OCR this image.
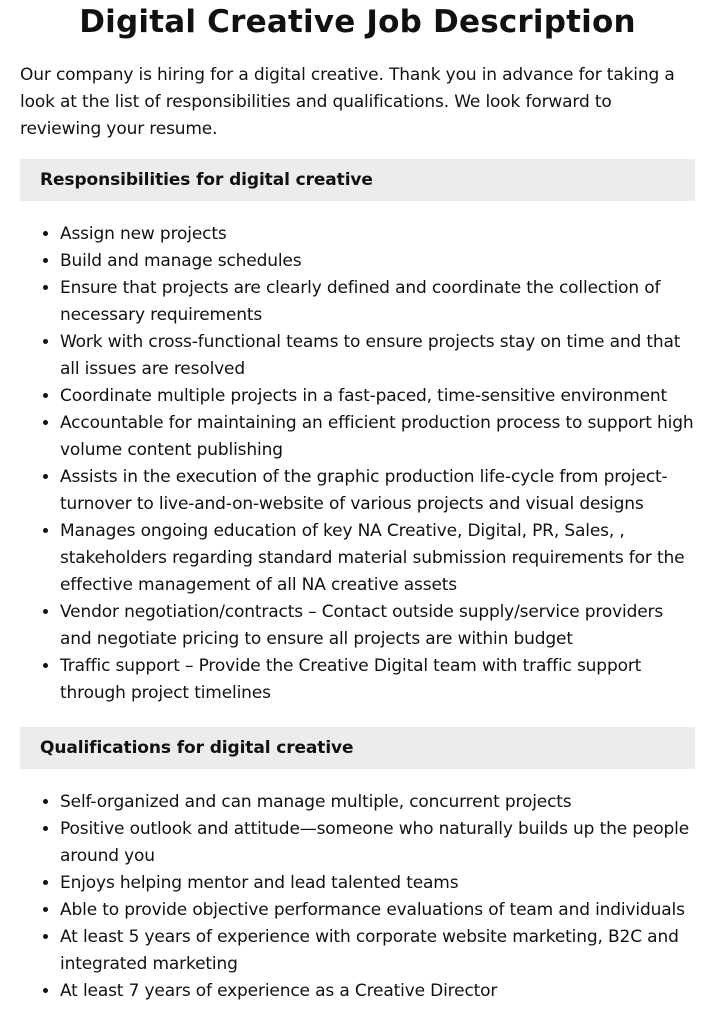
Digital Creative Job Description

Our company is hiring for a digital creative. Thank you in advance for taking a look at the list of responsibilities and qualifications. We look forward to reviewing your resume.

Responsibilities for digital creative
• Assign new projects
• Build and manage schedules
• Ensure that projects are clearly defined and coordinate the collection of necessary requirements
• Work with cross-functional teams to ensure projects stay on time and that all issues are resolved
• Coordinate multiple projects in a fast-paced, time-sensitive environment
• Accountable for maintaining an efficient production process to support high volume content publishing
• Assists in the execution of the graphic production life-cycle from project-turnover to live-and-on-website of various projects and visual designs
• Manages ongoing education of key NA Creative, Digital, PR, Sales, , stakeholders regarding standard material submission requirements for the effective management of all NA creative assets
• Vendor negotiation/contracts – Contact outside supply/service providers and negotiate pricing to ensure all projects are within budget
• Traffic support – Provide the Creative Digital team with traffic support through project timelines
Qualifications for digital creative
• Self-organized and can manage multiple, concurrent projects
• Positive outlook and attitude—someone who naturally builds up the people around you
• Enjoys helping mentor and lead talented teams
• Able to provide objective performance evaluations of team and individuals
• At least 5 years of experience with corporate website marketing, B2C and integrated marketing
• At least 7 years of experience as a Creative Director
